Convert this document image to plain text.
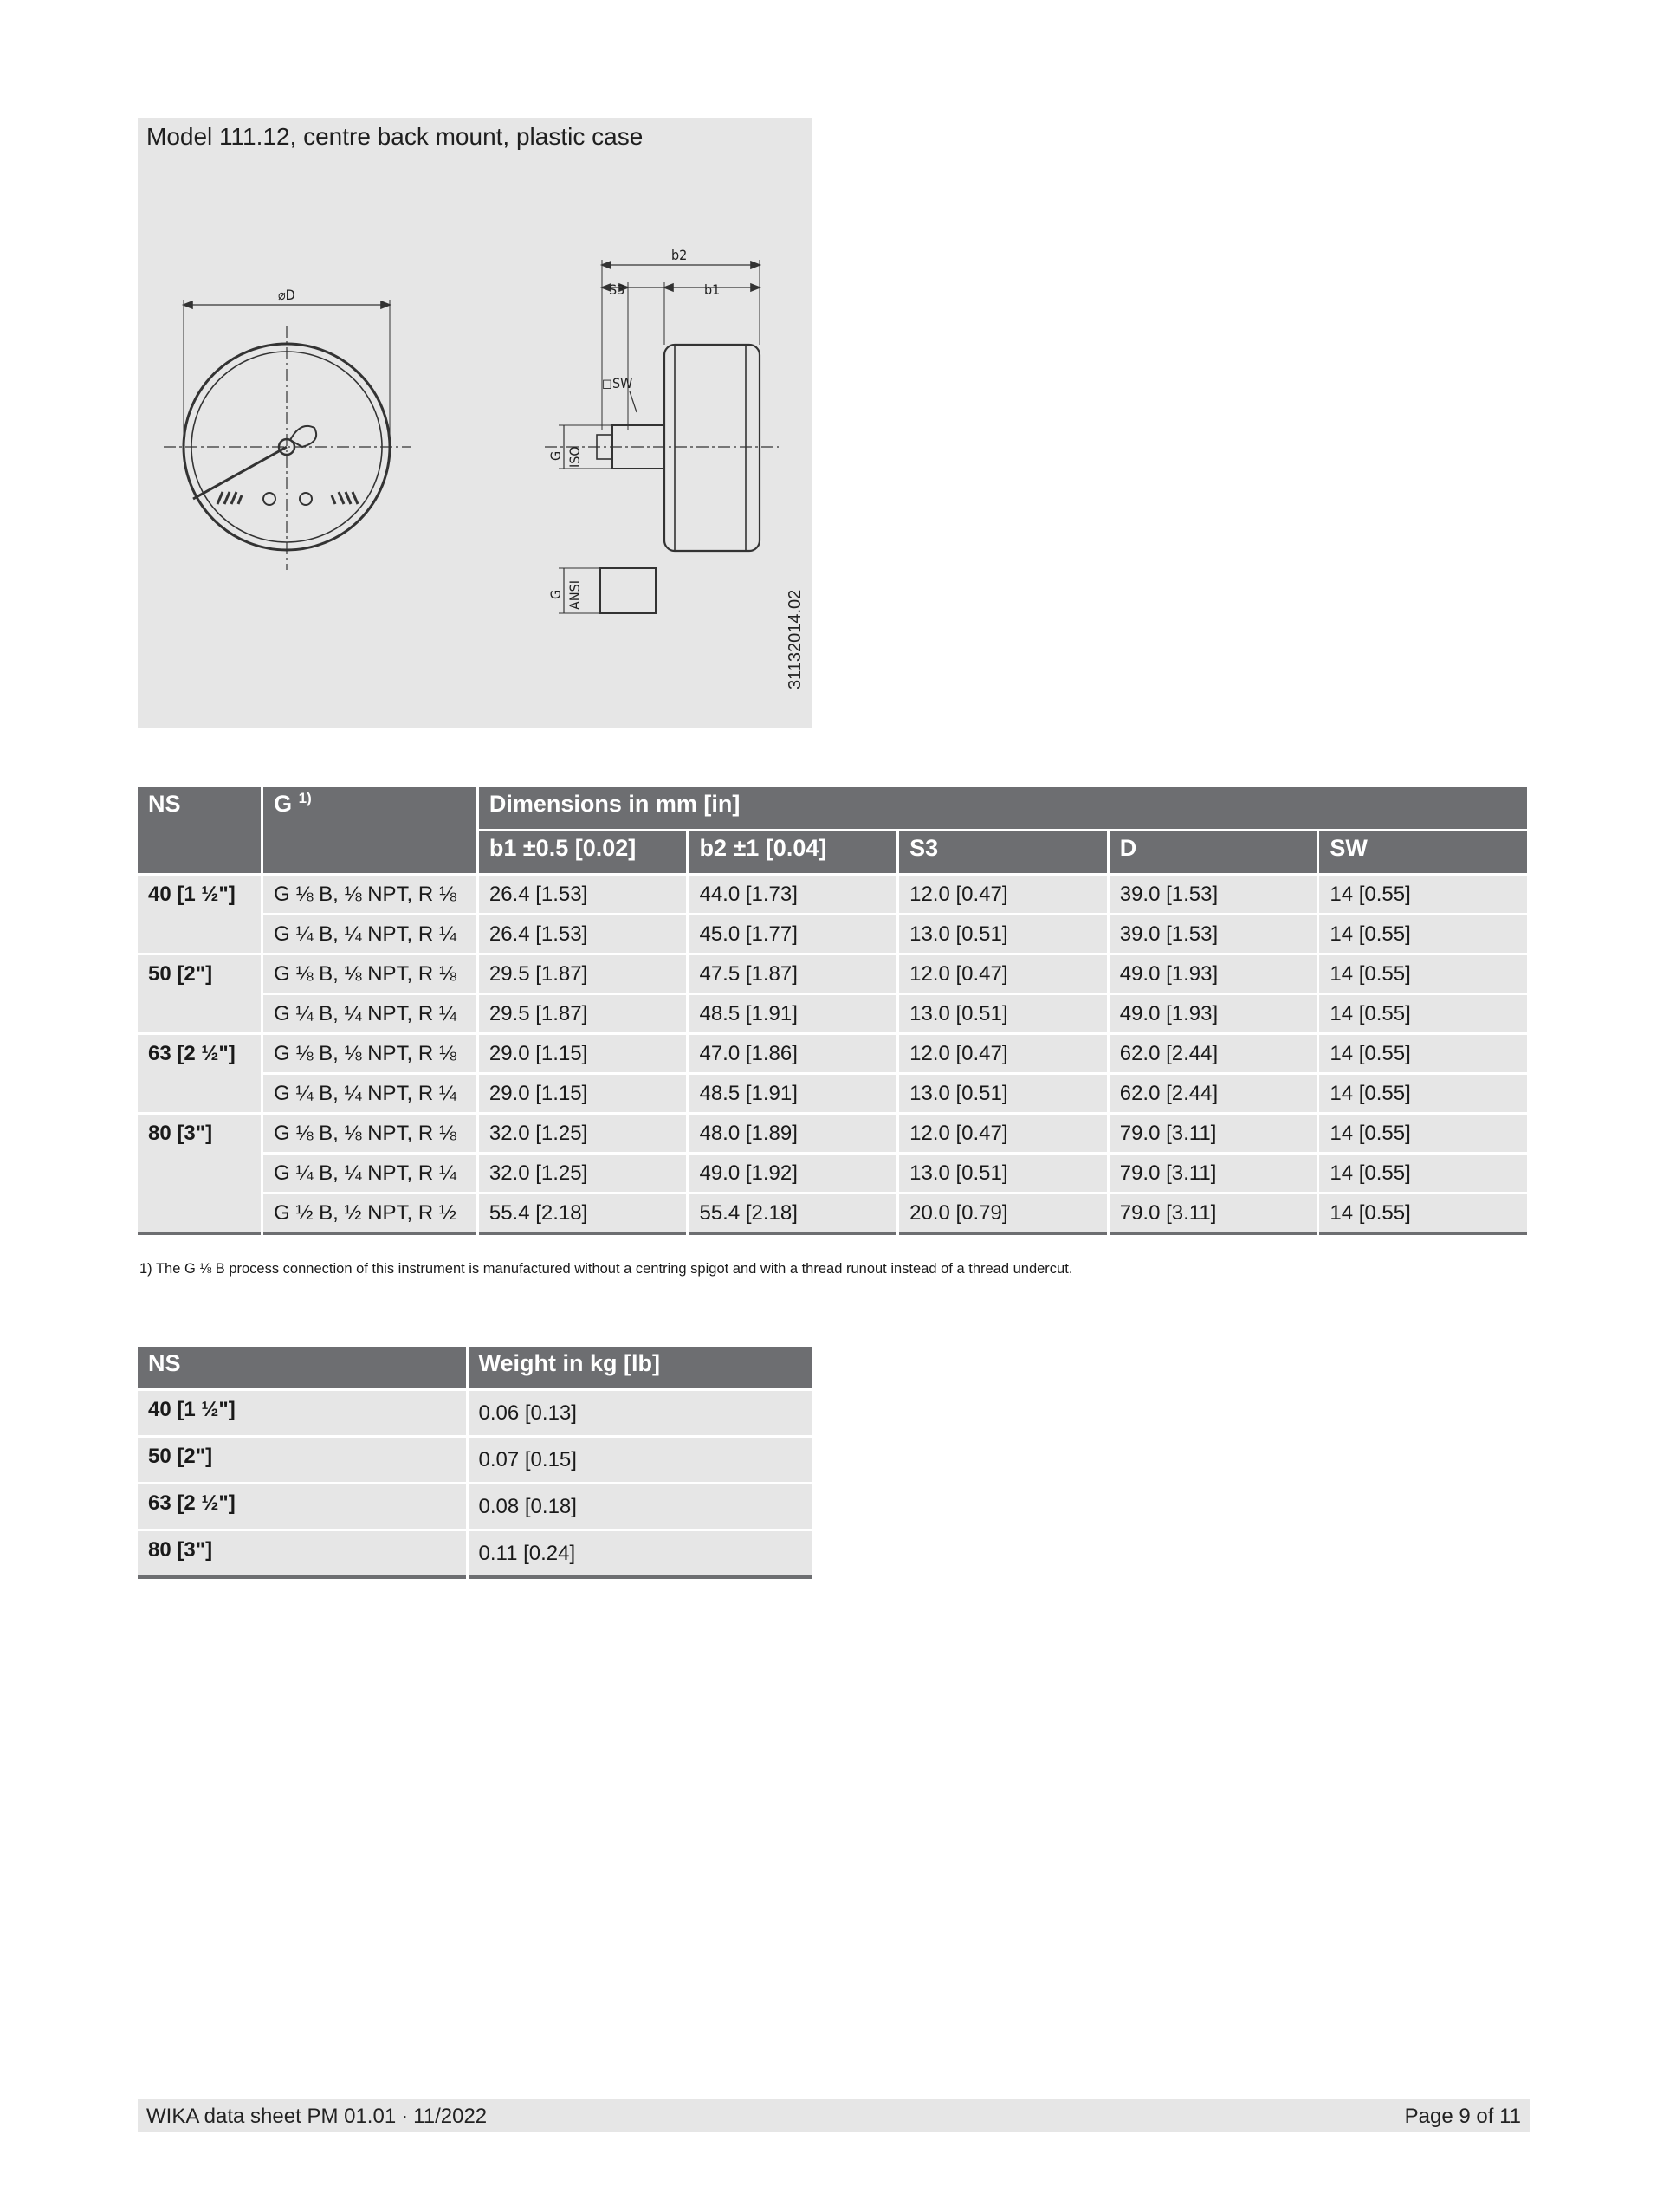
Model 111.12, centre back mount, plastic case
⌀D
b2
S3	b1
◻SW
G ISO
G ANSI	31132014.02
NS	G $^{1)}$	Dimensions in mm [in]				
		b1 ±0.5 [0.02]	b2 ±1 [0.04]	S3	D	SW
40 [1 ½"]	G ⅛ B, ⅛ NPT, R ⅛	26.4 [1.53]	44.0 [1.73]	12.0 [0.47]	39.0 [1.53]	14 [0.55]
	G ¼ B, ¼ NPT, R ¼	26.4 [1.53]	45.0 [1.77]	13.0 [0.51]	39.0 [1.53]	14 [0.55]
50 [2"]	G ⅛ B, ⅛ NPT, R ⅛	29.5 [1.87]	47.5 [1.87]	12.0 [0.47]	49.0 [1.93]	14 [0.55]
	G ¼ B, ¼ NPT, R ¼	29.5 [1.87]	48.5 [1.91]	13.0 [0.51]	49.0 [1.93]	14 [0.55]
63 [2 ½"]	G ⅛ B, ⅛ NPT, R ⅛	29.0 [1.15]	47.0 [1.86]	12.0 [0.47]	62.0 [2.44]	14 [0.55]
	G ¼ B, ¼ NPT, R ¼	29.0 [1.15]	48.5 [1.91]	13.0 [0.51]	62.0 [2.44]	14 [0.55]
80 [3"]	G ⅛ B, ⅛ NPT, R ⅛	32.0 [1.25]	48.0 [1.89]	12.0 [0.47]	79.0 [3.11]	14 [0.55]
	G ¼ B, ¼ NPT, R ¼	32.0 [1.25]	49.0 [1.92]	13.0 [0.51]	79.0 [3.11]	14 [0.55]
	G ½ B, ½ NPT, R ½	55.4 [2.18]	55.4 [2.18]	20.0 [0.79]	79.0 [3.11]	14 [0.55]
1) The G ⅛ B process connection of this instrument is manufactured without a centring spigot and with a thread runout instead of a thread undercut.
NS	Weight in kg [lb]
40 [1 ½"]	0.06 [0.13]
50 [2"]	0.07 [0.15]
63 [2 ½"]	0.08 [0.18]
80 [3"]	0.11 [0.24]
WIKA data sheet PM 01.01 ∙ 11/2022	Page 9 of 11
